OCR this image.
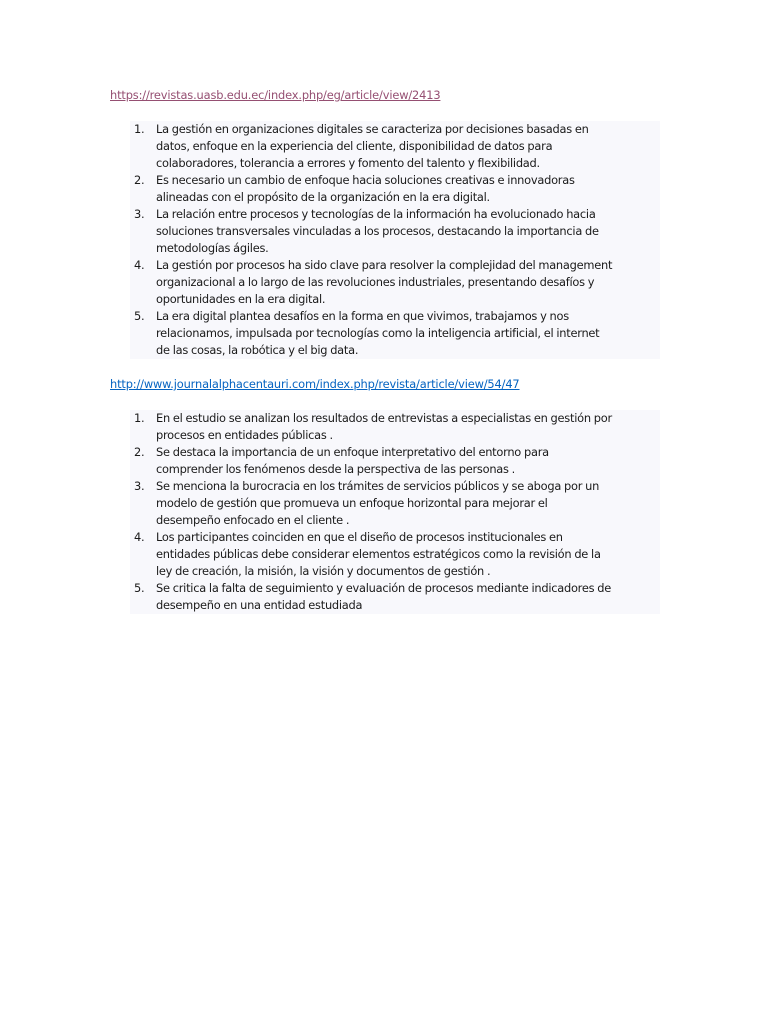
https://revistas.uasb.edu.ec/index.php/eg/article/view/2413
1.	La gestión en organizaciones digitales se caracteriza por decisiones basadas en
datos, enfoque en la experiencia del cliente, disponibilidad de datos para
colaboradores, tolerancia a errores y fomento del talento y flexibilidad.
2.	Es necesario un cambio de enfoque hacia soluciones creativas e innovadoras
alineadas con el propósito de la organización en la era digital.
3.	La relación entre procesos y tecnologías de la información ha evolucionado hacia
soluciones transversales vinculadas a los procesos, destacando la importancia de
metodologías ágiles.
4.	La gestión por procesos ha sido clave para resolver la complejidad del management
organizacional a lo largo de las revoluciones industriales, presentando desafíos y
oportunidades en la era digital.
5.	La era digital plantea desafíos en la forma en que vivimos, trabajamos y nos
relacionamos, impulsada por tecnologías como la inteligencia artificial, el internet
de las cosas, la robótica y el big data.
http://www.journalalphacentauri.com/index.php/revista/article/view/54/47
1.	En el estudio se analizan los resultados de entrevistas a especialistas en gestión por
procesos en entidades públicas .
2.	Se destaca la importancia de un enfoque interpretativo del entorno para
comprender los fenómenos desde la perspectiva de las personas .
3.	Se menciona la burocracia en los trámites de servicios públicos y se aboga por un
modelo de gestión que promueva un enfoque horizontal para mejorar el
desempeño enfocado en el cliente .
4.	Los participantes coinciden en que el diseño de procesos institucionales en
entidades públicas debe considerar elementos estratégicos como la revisión de la
ley de creación, la misión, la visión y documentos de gestión .
5.	Se critica la falta de seguimiento y evaluación de procesos mediante indicadores de
desempeño en una entidad estudiada
